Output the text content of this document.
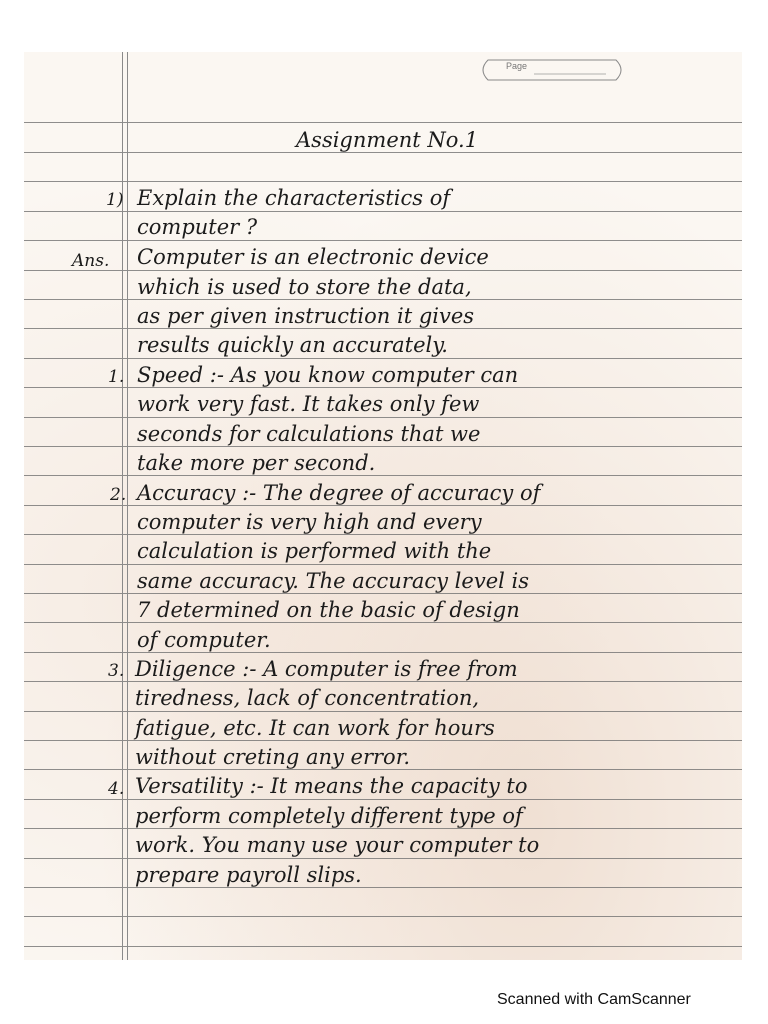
Page
Assignment No.1
1) Explain the characteristics of
computer ?
Ans. Computer is an electronic device
which is used to store the data,
as per given instruction it gives
results quickly an accurately.
1. Speed :- As you know computer can
work very fast. It takes only few
seconds for calculations that we
take more per second.
2. Accuracy :- The degree of accuracy of
computer is very high and every
calculation is performed with the
same accuracy. The accuracy level is
7 determined on the basic of design
of computer.
3. Diligence :- A computer is free from
tiredness, lack of concentration,
fatigue, etc. It can work for hours
without creting any error.
4. Versatility :- It means the capacity to
perform completely different type of
work. You many use your computer to
prepare payroll slips.
Scanned with CamScanner
